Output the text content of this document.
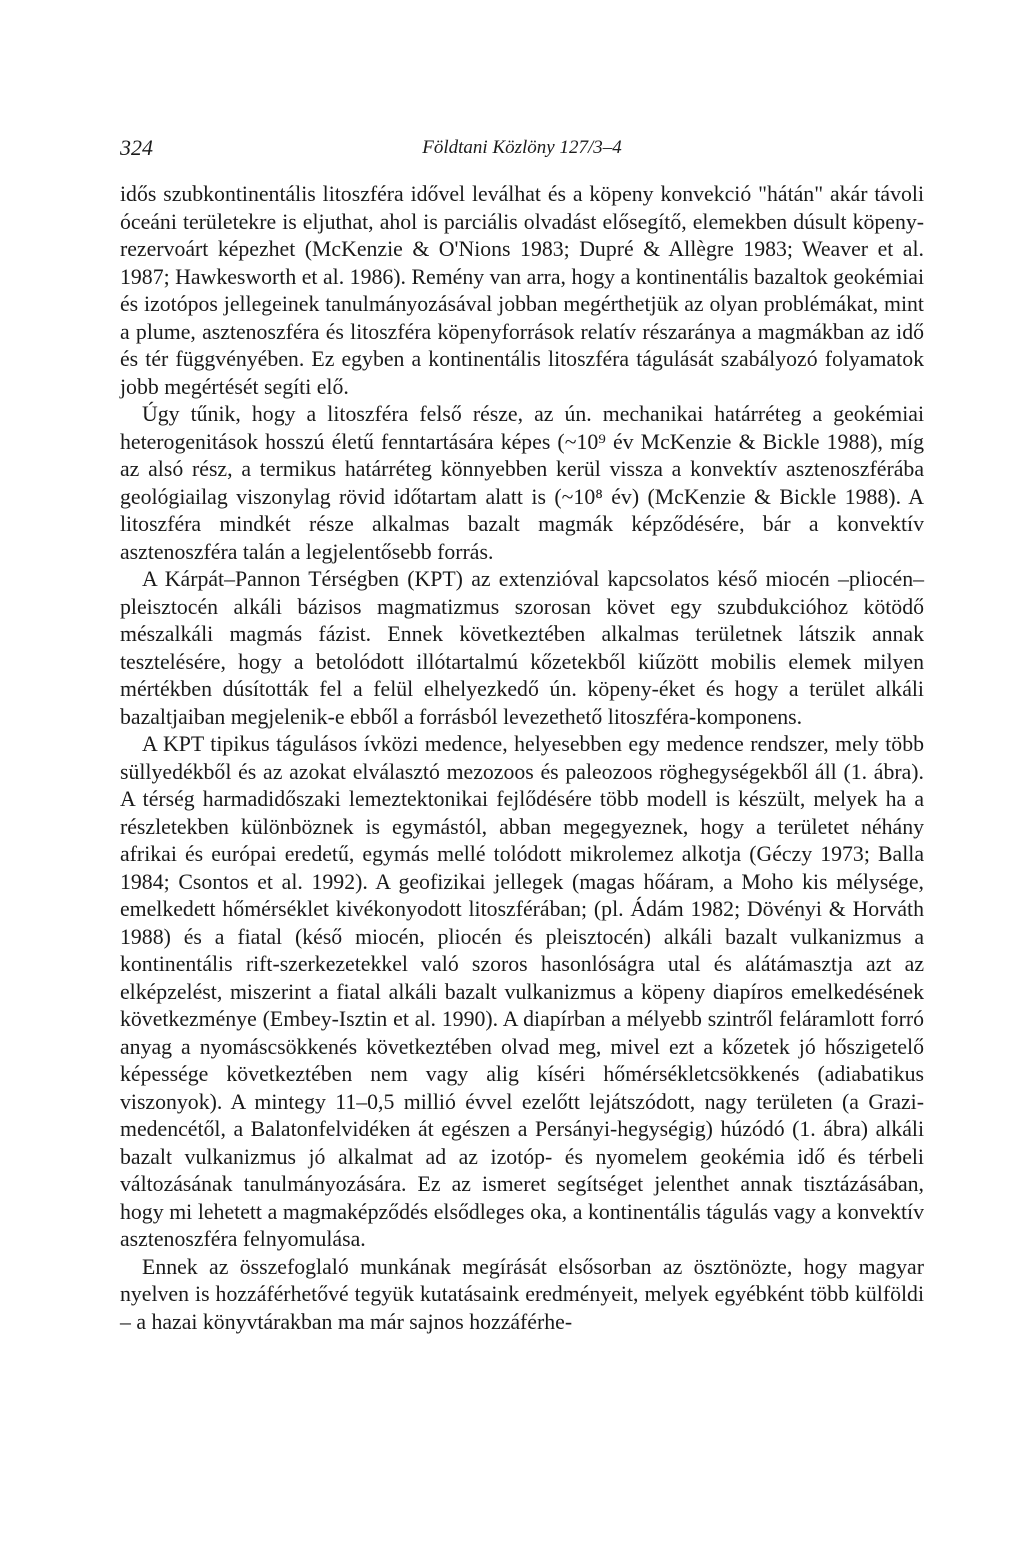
324	Földtani Közlöny 127/3–4

idős szubkontinentális litoszféra idővel leválhat és a köpeny konvekció "hátán" akár távoli óceáni területekre is eljuthat, ahol is parciális olvadást elősegítő, elemekben dúsult köpeny-rezervoárt képezhet (McKenzie & O'Nions 1983; Dupré & Allègre 1983; Weaver et al. 1987; Hawkesworth et al. 1986). Remény van arra, hogy a kontinentális bazaltok geokémiai és izotópos jellegeinek tanulmányozásával jobban megérthetjük az olyan problémákat, mint a plume, asztenoszféra és litoszféra köpenyforrások relatív részaránya a magmákban az idő és tér függvényében. Ez egyben a kontinentális litoszféra tágulását szabályozó folyamatok jobb megértését segíti elő.

Úgy tűnik, hogy a litoszféra felső része, az ún. mechanikai határréteg a geokémiai heterogenitások hosszú életű fenntartására képes (~10⁹ év McKenzie & Bickle 1988), míg az alsó rész, a termikus határréteg könnyebben kerül vissza a konvektív asztenoszférába geológiailag viszonylag rövid időtartam alatt is (~10⁸ év) (McKenzie & Bickle 1988). A litoszféra mindkét része alkalmas bazalt magmák képződésére, bár a konvektív asztenoszféra talán a legjelentősebb forrás.

A Kárpát–Pannon Térségben (KPT) az extenzióval kapcsolatos késő miocén –pliocén–pleisztocén alkáli bázisos magmatizmus szorosan követ egy szubdukcióhoz kötödő mészalkáli magmás fázist. Ennek következtében alkalmas területnek látszik annak tesztelésére, hogy a betolódott illótartalmú kőzetekből kiűzött mobilis elemek milyen mértékben dúsították fel a felül elhelyezkedő ún. köpeny-éket és hogy a terület alkáli bazaltjaiban megjelenik-e ebből a forrásból levezethető litoszféra-komponens.

A KPT tipikus tágulásos ívközi medence, helyesebben egy medence rendszer, mely több süllyedékből és az azokat elválasztó mezozoos és paleozoos röghegységekből áll (1. ábra). A térség harmadidőszaki lemeztektonikai fejlődésére több modell is készült, melyek ha a részletekben különböznek is egymástól, abban megegyeznek, hogy a területet néhány afrikai és európai eredetű, egymás mellé tolódott mikrolemez alkotja (Géczy 1973; Balla 1984; Csontos et al. 1992). A geofizikai jellegek (magas hőáram, a Moho kis mélysége, emelkedett hőmérséklet kivékonyodott litoszférában; (pl. Ádám 1982; Dövényi & Horváth 1988) és a fiatal (késő miocén, pliocén és pleisztocén) alkáli bazalt vulkanizmus a kontinentális rift-szerkezetekkel való szoros hasonlóságra utal és alátámasztja azt az elképzelést, miszerint a fiatal alkáli bazalt vulkanizmus a köpeny diapíros emelkedésének következménye (Embey-Isztin et al. 1990). A diapírban a mélyebb szintről feláramlott forró anyag a nyomáscsökkenés következtében olvad meg, mivel ezt a kőzetek jó hőszigetelő képessége következtében nem vagy alig kíséri hőmérsékletcsökkenés (adiabatikus viszonyok). A mintegy 11–0,5 millió évvel ezelőtt lejátszódott, nagy területen (a Grazi-medencétől, a Balatonfelvidéken át egészen a Persányi-hegységig) húzódó (1. ábra) alkáli bazalt vulkanizmus jó alkalmat ad az izotóp- és nyomelem geokémia idő és térbeli változásának tanulmányozására. Ez az ismeret segítséget jelenthet annak tisztázásában, hogy mi lehetett a magmaképződés elsődleges oka, a kontinentális tágulás vagy a konvektív asztenoszféra felnyomulása.

Ennek az összefoglaló munkának megírását elsősorban az ösztönözte, hogy magyar nyelven is hozzáférhetővé tegyük kutatásaink eredményeit, melyek egyébként több külföldi – a hazai könyvtárakban ma már sajnos hozzáférhe-
